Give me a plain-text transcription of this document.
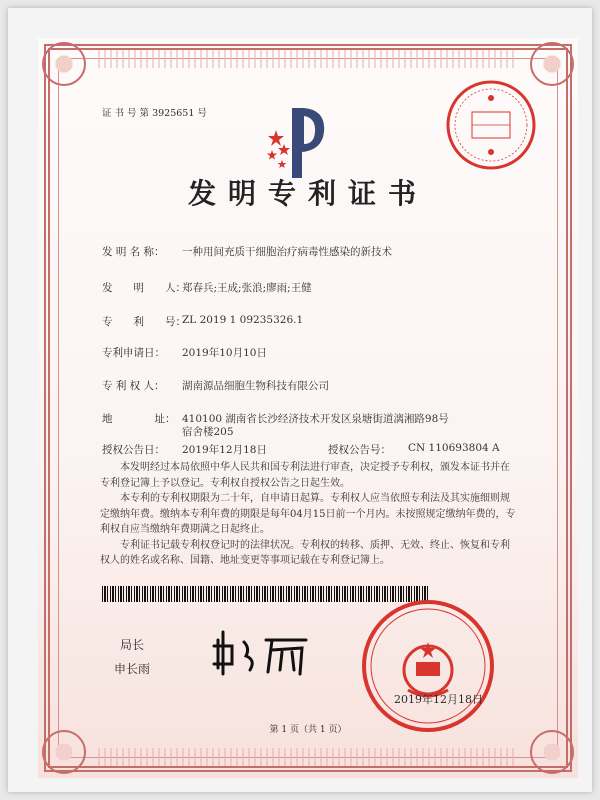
证 书 号 第 3925651 号
发明专利证书
发 明 名 称： 一种用间充质干细胞治疗病毒性感染的新技术
发　　明　　人：
郑春兵;王成;张浪;廖雨;王健
专　　利　　号：
ZL 2019 1 09235326.1
专利申请日： 2019年10月10日
专 利 权 人： 湖南源品细胞生物科技有限公司
地　　　　址： 410100 湖南省长沙经济技术开发区泉塘街道漓湘路98号
宿舍楼205
授权公告日： 2019年12月18日	授权公告号： CN 110693804 A

本发明经过本局依照中华人民共和国专利法进行审查，决定授予专利权，颁发本证书并在专利登记簿上予以登记。专利权自授权公告之日起生效。

本专利的专利权期限为二十年，自申请日起算。专利权人应当依照专利法及其实施细则规定缴纳年费。缴纳本专利年费的期限是每年04月15日前一个月内。未按照规定缴纳年费的，专利权自应当缴纳年费期满之日起终止。

专利证书记载专利权登记时的法律状况。专利权的转移、质押、无效、终止、恢复和专利权人的姓名或名称、国籍、地址变更等事项记载在专利登记簿上。

局长
申长雨
2019年12月18日
第 1 页（共 1 页）
